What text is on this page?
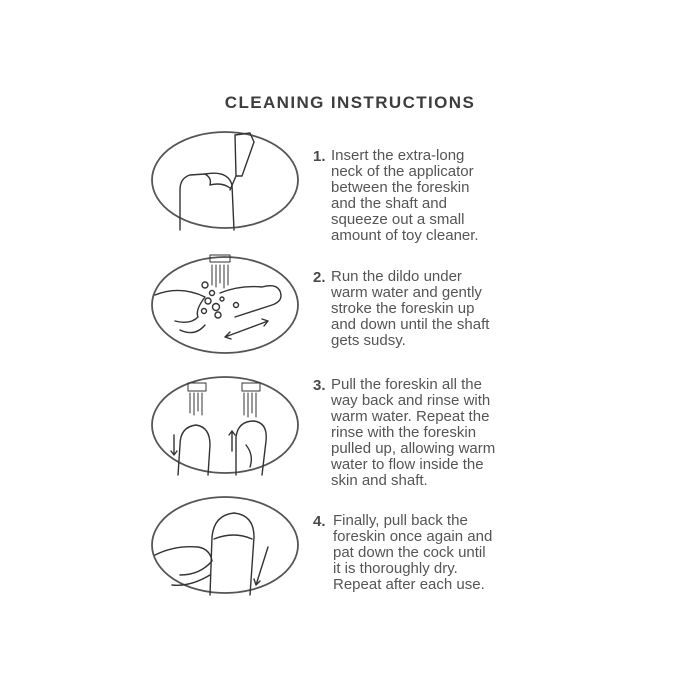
CLEANING INSTRUCTIONS
1. Insert the extra-long
neck of the applicator
between the foreskin
and the shaft and
squeeze out a small
amount of toy cleaner.
2. Run the dildo under
warm water and gently
stroke the foreskin up
and down until the shaft
gets sudsy.
3. Pull the foreskin all the
way back and rinse with
warm water. Repeat the
rinse with the foreskin
pulled up, allowing warm
water to flow inside the
skin and shaft.
4. Finally, pull back the
foreskin once again and
pat down the cock until
it is thoroughly dry.
Repeat after each use.
